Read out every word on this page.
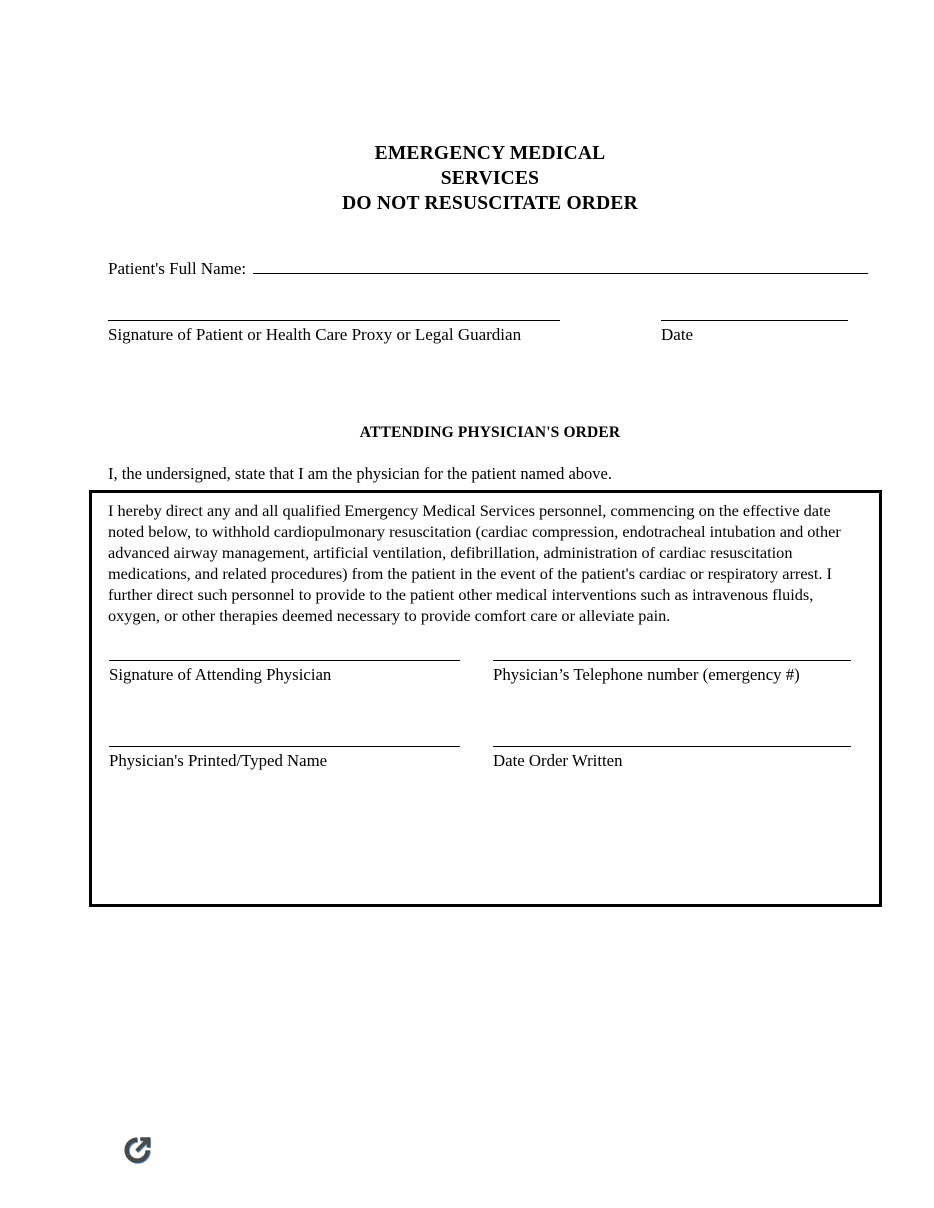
EMERGENCY MEDICAL
SERVICES
DO NOT RESUSCITATE ORDER
Patient's Full Name:
Signature of Patient or Health Care Proxy or Legal Guardian	Date
ATTENDING PHYSICIAN'S ORDER
I, the undersigned, state that I am the physician for the patient named above.
I hereby direct any and all qualified Emergency Medical Services personnel, commencing on the effective date noted below, to withhold cardiopulmonary resuscitation (cardiac compression, endotracheal intubation and other advanced airway management, artificial ventilation, defibrillation, administration of cardiac resuscitation medications, and related procedures) from the patient in the event of the patient's cardiac or respiratory arrest. I further direct such personnel to provide to the patient other medical interventions such as intravenous fluids, oxygen, or other therapies deemed necessary to provide comfort care or alleviate pain.
Signature of Attending Physician	Physician’s Telephone number (emergency #)
Physician's Printed/Typed Name	Date Order Written
